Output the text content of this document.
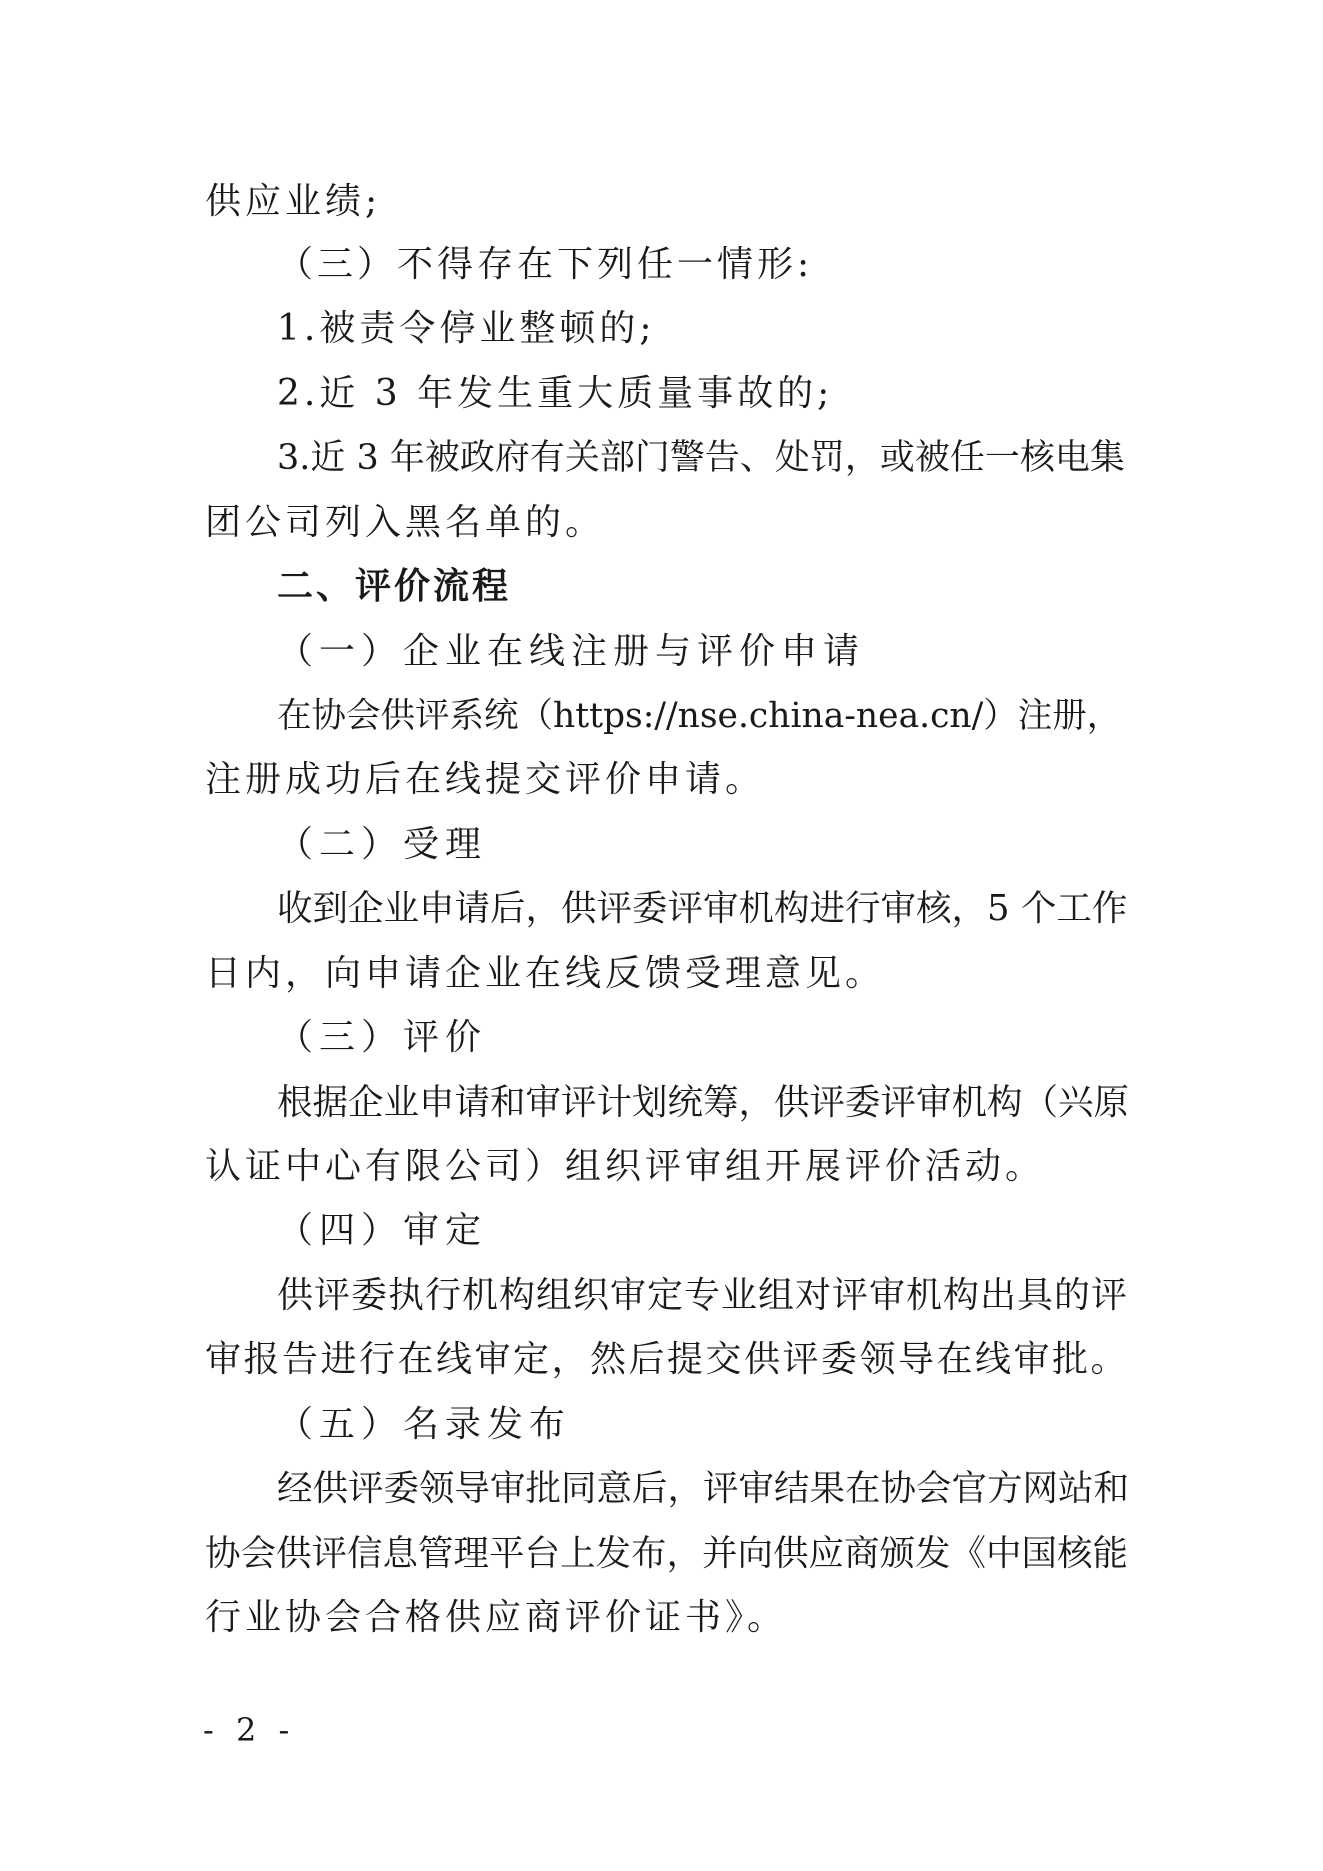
供应业绩;
（三）不得存在下列任一情形:
1.被责令停业整顿的;
2.近 3 年发生重大质量事故的;
3.近 3 年被政府有关部门警告、处罚，或被任一核电集
团公司列入黑名单的。
二、评价流程
（一）企业在线注册与评价申请
在协会供评系统（https://nse.china-nea.cn/）注册，
注册成功后在线提交评价申请。
（二）受理
收到企业申请后，供评委评审机构进行审核，5 个工作
日内，向申请企业在线反馈受理意见。
（三）评价
根据企业申请和审评计划统筹，供评委评审机构（兴原
认证中心有限公司）组织评审组开展评价活动。
（四）审定
供评委执行机构组织审定专业组对评审机构出具的评
审报告进行在线审定，然后提交供评委领导在线审批。
（五）名录发布
经供评委领导审批同意后，评审结果在协会官方网站和
协会供评信息管理平台上发布，并向供应商颁发《中国核能
行业协会合格供应商评价证书》。
- 2 -
